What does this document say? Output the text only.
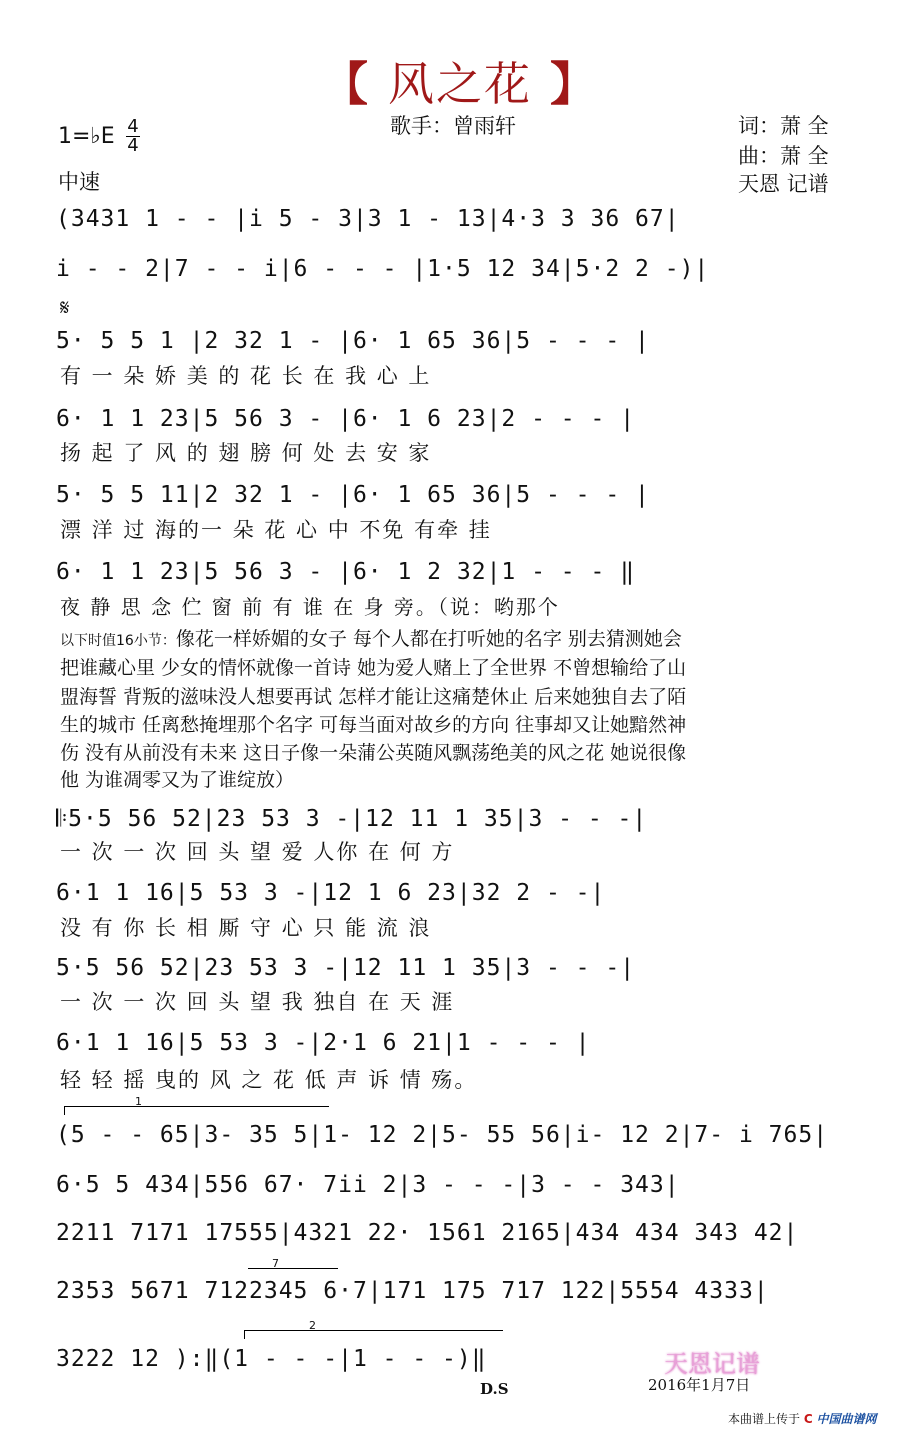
【 风之花 】
歌手：曾雨轩
1=♭E 4
4
中速
词：萧 全
曲：萧 全
天恩 记谱
(3431 1 - - |i 5 - 3|3 1 - 13|4·3 3 36 67|
i - - 2|7 - - i|6 - - - |1·5 12 34|5·2 2 -)|
𝄋
5· 5 5 1 |2 32 1 - |6· 1 65 36|5 - - - |
有 一 朵 娇 美 的 花 长 在 我 心 上
6· 1 1 23|5 56 3 - |6· 1 6 23|2 - - - |
扬 起 了 风 的 翅 膀 何 处 去 安 家
5· 5 5 11|2 32 1 - |6· 1 65 36|5 - - - |
漂 洋 过 海的一 朵 花 心 中 不免 有牵 挂
6· 1 1 23|5 56 3 - |6· 1 2 32|1 - - - ‖
夜 静 思 念 伫 窗 前 有 谁 在 身 旁。（说：哟那个
以下时值16小节：像花一样娇媚的女子 每个人都在打听她的名字 别去猜测她会
把谁藏心里 少女的情怀就像一首诗 她为爱人赌上了全世界 不曾想输给了山
盟海誓 背叛的滋味没人想要再试 怎样才能让这痛楚休止 后来她独自去了陌
生的城市 任离愁掩埋那个名字 可每当面对故乡的方向 往事却又让她黯然神
伤 没有从前没有未来 这日子像一朵蒲公英随风飘荡绝美的风之花 她说很像
他 为谁凋零又为了谁绽放）
𝄆5·5 56 52|23 53 3 -|12 11 1 35|3 - - -|
一 次 一 次 回 头 望 爱 人你 在 何 方
6·1 1 16|5 53 3 -|12 1 6 23|32 2 - -|
没 有 你 长 相 厮 守 心 只 能 流 浪
5·5 56 52|23 53 3 -|12 11 1 35|3 - - -|
一 次 一 次 回 头 望 我 独自 在 天 涯
6·1 1 16|5 53 3 -|2·1 6 21|1 - - - |
轻 轻 摇 曳的 风 之 花 低 声 诉 情 殇。
1
(5 - - 65|3- 35 5|1- 12 2|5- 55 56|i- 12 2|7- i 765|
6·5 5 434|556 67· 7ii 2|3 - - -|3 - - 343|
2211 7171 17555|4321 22· 1561 2165|434 434 343 42|
7
2353 5671 7122345 6·7|171 175 717 122|5554 4333|
2
3222 12 ):‖(1 - - -|1 - - -)‖
D.S
天恩记谱
2016年1月7日
本曲谱上传于 C 中国曲谱网
